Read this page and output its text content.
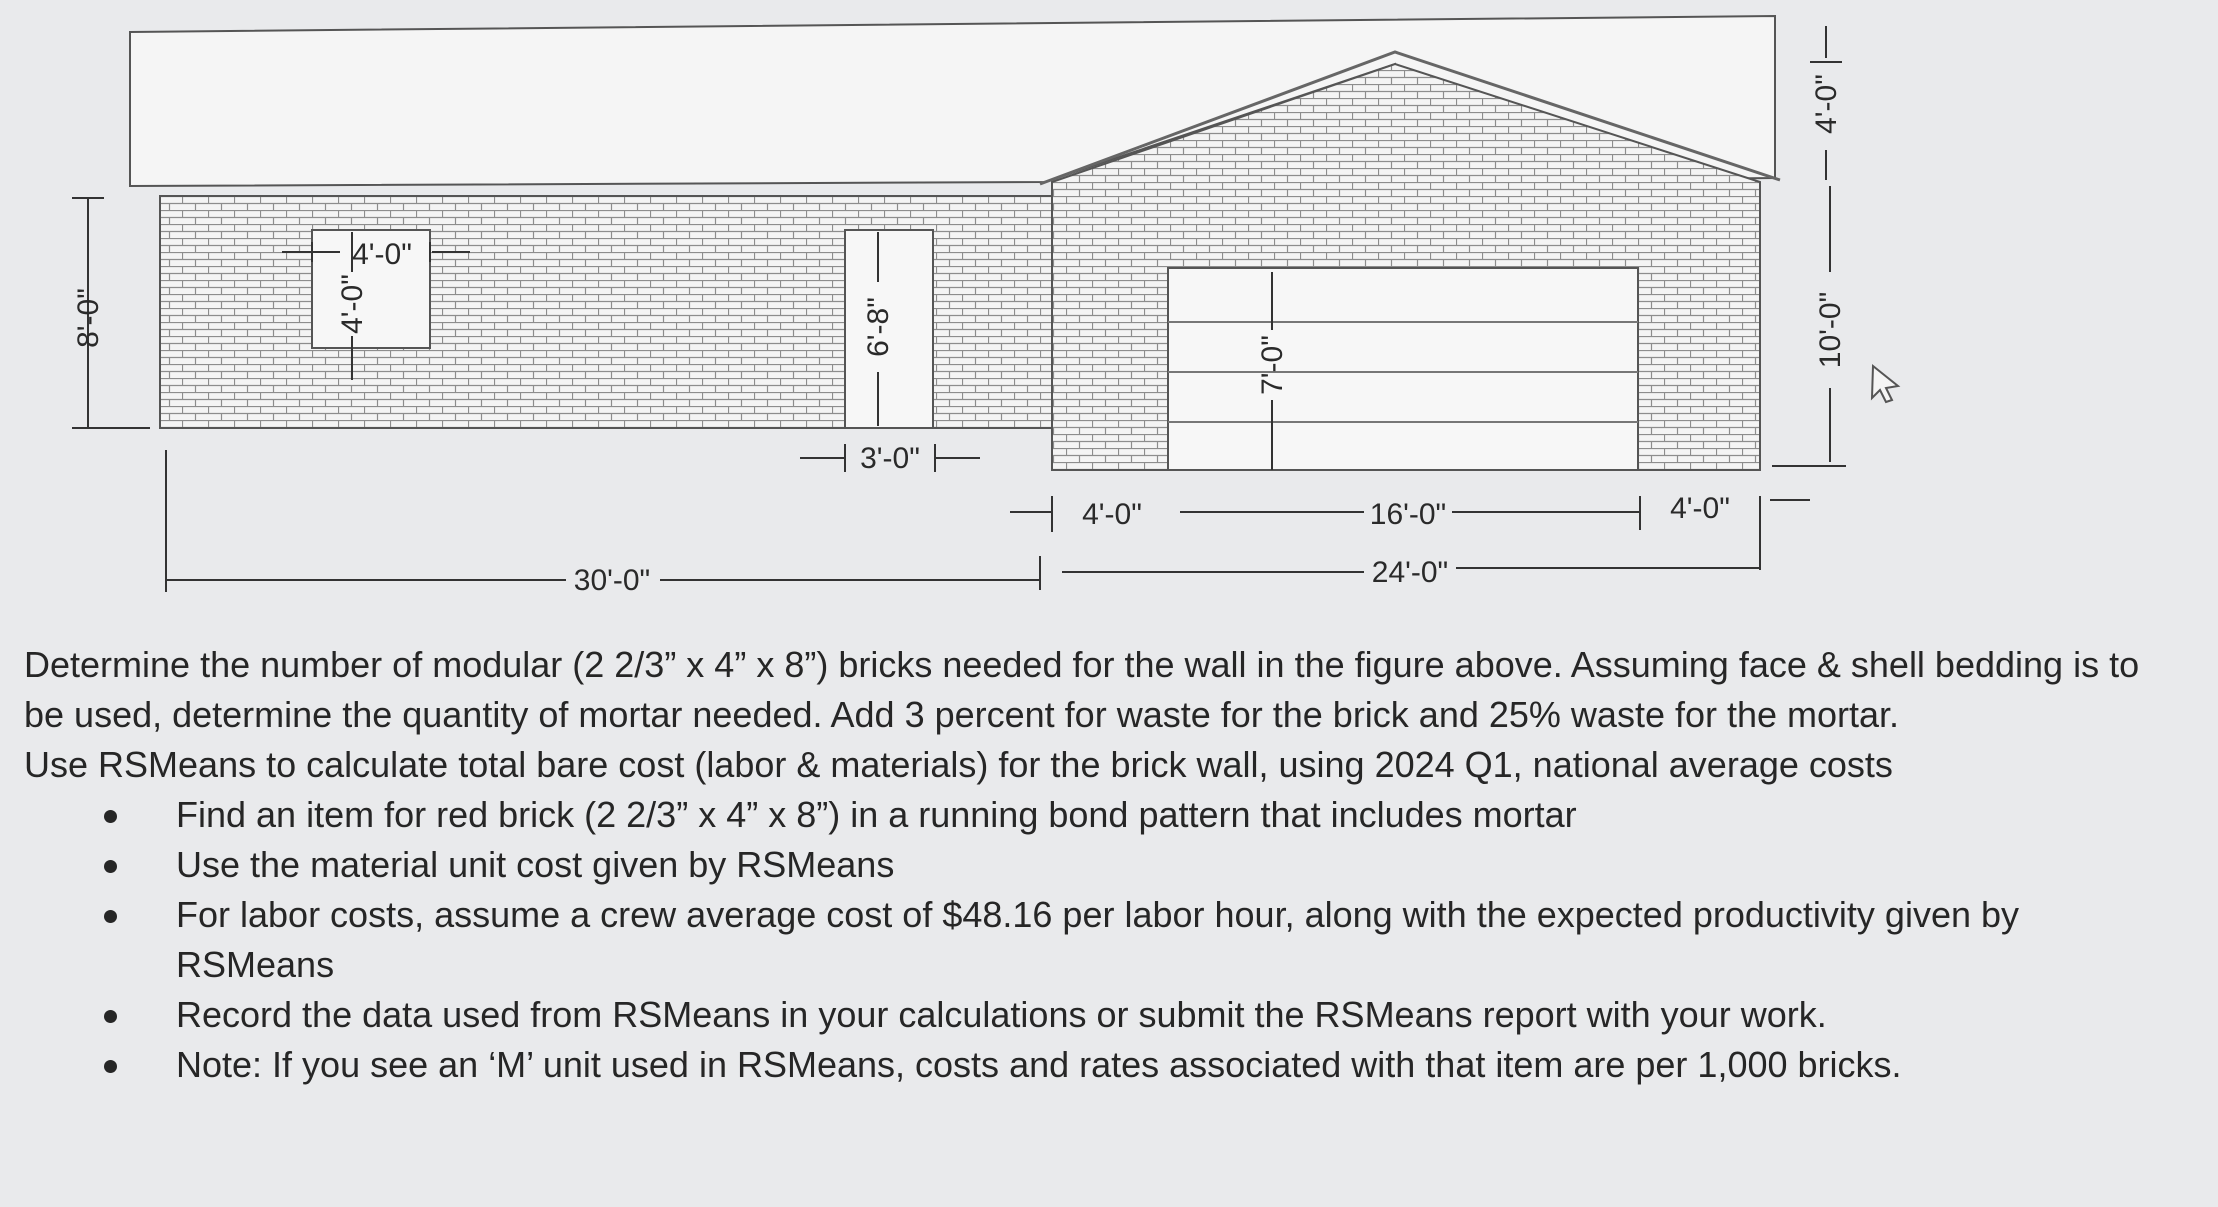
8'-0"
4'-0"
4'-0"	6'-8"
3'-0"
7'-0"
4'-0"
10'-0"
4'-0"	16'-0"	4'-0"
30'-0"	24'-0"

Determine the number of modular (2 2/3” x 4” x 8”) bricks needed for the wall in the figure above. Assuming face & shell bedding is to be used, determine the quantity of mortar needed. Add 3 percent for waste for the brick and 25% waste for the mortar.

Use RSMeans to calculate total bare cost (labor & materials) for the brick wall, using 2024 Q1, national average costs

Find an item for red brick (2 2/3” x 4” x 8”) in a running bond pattern that includes mortar
Use the material unit cost given by RSMeans
For labor costs, assume a crew average cost of $48.16 per labor hour, along with the expected productivity given by RSMeans
Record the data used from RSMeans in your calculations or submit the RSMeans report with your work.
Note: If you see an ‘M’ unit used in RSMeans, costs and rates associated with that item are per 1,000 bricks.
